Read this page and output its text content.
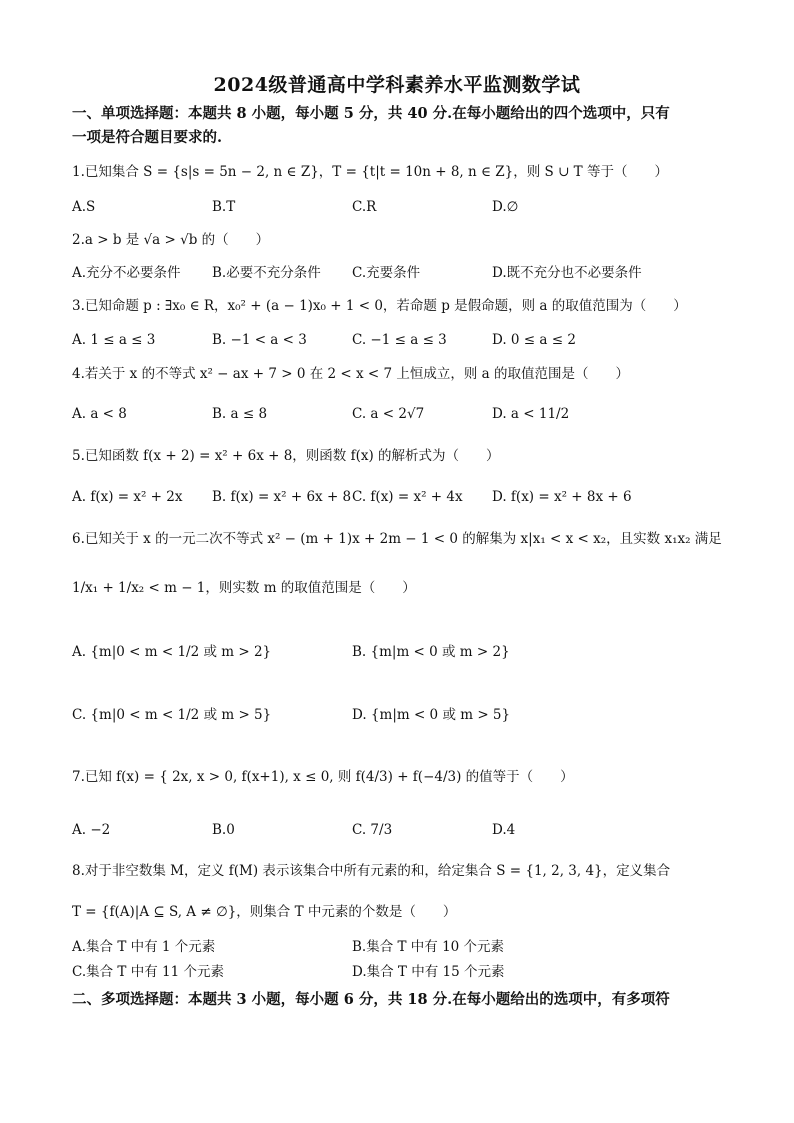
2024级普通高中学科素养水平监测数学试
一、单项选择题：本题共 8 小题，每小题 5 分，共 40 分.在每小题给出的四个选项中，只有
一项是符合题目要求的.
1.已知集合 S = {s|s = 5n − 2, n ∈ Z}，T = {t|t = 10n + 8, n ∈ Z}，则 S ∪ T 等于（　　）
A.S	B.T	C.R	D.∅
2.a > b 是 √a > √b 的（　　）
A.充分不必要条件 B.必要不充分条件 C.充要条件	D.既不充分也不必要条件
3.已知命题 p : ∃x₀ ∈ R，x₀² + (a − 1)x₀ + 1 < 0，若命题 p 是假命题，则 a 的取值范围为（　　）
A. 1 ≤ a ≤ 3	B. −1 < a < 3	C. −1 ≤ a ≤ 3	D. 0 ≤ a ≤ 2
4.若关于 x 的不等式 x² − ax + 7 > 0 在 2 < x < 7 上恒成立，则 a 的取值范围是（　　）
A. a < 8	B. a ≤ 8	C. a < 2√7	D. a < 11/2
5.已知函数 f(x + 2) = x² + 6x + 8，则函数 f(x) 的解析式为（　　）
A. f(x) = x² + 2x B. f(x) = x² + 6x + 8 C. f(x) = x² + 4x D. f(x) = x² + 8x + 6
6.已知关于 x 的一元二次不等式 x² − (m + 1)x + 2m − 1 < 0 的解集为 x|x₁ < x < x₂，且实数 x₁x₂ 满足
1/x₁ + 1/x₂ < m − 1，则实数 m 的取值范围是（　　）
A. {m|0 < m < 1/2 或 m > 2}	B. {m|m < 0 或 m > 2}
C. {m|0 < m < 1/2 或 m > 5}	D. {m|m < 0 或 m > 5}
7.已知 f(x) = { 2x, x > 0, f(x+1), x ≤ 0, 则 f(4/3) + f(−4/3) 的值等于（　　）
A. −2	B.0	C. 7/3	D.4
8.对于非空数集 M，定义 f(M) 表示该集合中所有元素的和，给定集合 S = {1, 2, 3, 4}，定义集合
T = {f(A)|A ⊆ S, A ≠ ∅}，则集合 T 中元素的个数是（　　）
A.集合 T 中有 1 个元素	B.集合 T 中有 10 个元素
C.集合 T 中有 11 个元素	D.集合 T 中有 15 个元素
二、多项选择题：本题共 3 小题，每小题 6 分，共 18 分.在每小题给出的选项中，有多项符
